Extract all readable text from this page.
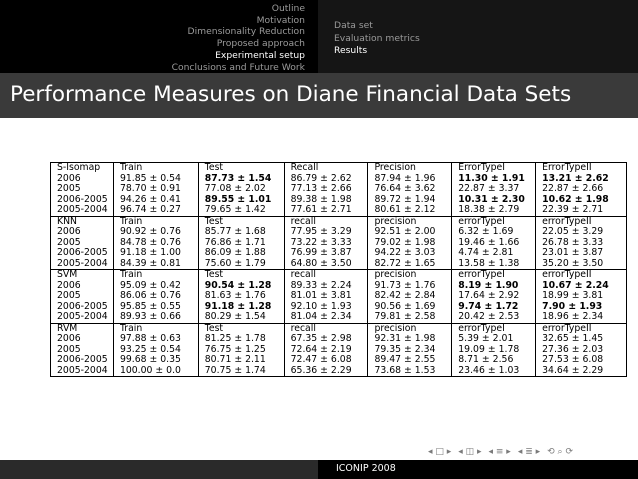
Outline
Motivation
Dimensionality Reduction
Proposed approach
Experimental setup
Conclusions and Future Work
Data set
Evaluation metrics
Results
Performance Measures on Diane Financial Data Sets
S-Isomap	Train	Test	Recall	Precision	ErrorTypeI	ErrorTypeII
2006	91.85 ± 0.54	87.73 ± 1.54	86.79 ± 2.62	87.94 ± 1.96	11.30 ± 1.91	13.21 ± 2.62
2005	78.70 ± 0.91	77.08 ± 2.02	77.13 ± 2.66	76.64 ± 3.62	22.87 ± 3.37	22.87 ± 2.66
2006-2005	94.26 ± 0.41	89.55 ± 1.01	89.38 ± 1.98	89.72 ± 1.94	10.31 ± 2.30	10.62 ± 1.98
2005-2004	96.74 ± 0.27	79.65 ± 1.42	77.61 ± 2.71	80.61 ± 2.12	18.38 ± 2.79	22.39 ± 2.71
KNN	Train	Test	recall	precision	errorTypeI	errorTypeII
2006	90.92 ± 0.76	85.77 ± 1.68	77.95 ± 3.29	92.51 ± 2.00	6.32 ± 1.69	22.05 ± 3.29
2005	84.78 ± 0.76	76.86 ± 1.71	73.22 ± 3.33	79.02 ± 1.98	19.46 ± 1.66	26.78 ± 3.33
2006-2005	91.18 ± 1.00	86.09 ± 1.88	76.99 ± 3.87	94.22 ± 3.03	4.74 ± 2.81	23.01 ± 3.87
2005-2004	84.39 ± 0.81	75.60 ± 1.79	64.80 ± 3.50	82.72 ± 1.65	13.58 ± 1.38	35.20 ± 3.50
SVM	Train	Test	recall	precision	errorTypeI	errorTypeII
2006	95.09 ± 0.42	90.54 ± 1.28	89.33 ± 2.24	91.73 ± 1.76	8.19 ± 1.90	10.67 ± 2.24
2005	86.06 ± 0.76	81.63 ± 1.76	81.01 ± 3.81	82.42 ± 2.84	17.64 ± 2.92	18.99 ± 3.81
2006-2005	95.85 ± 0.55	91.18 ± 1.28	92.10 ± 1.93	90.56 ± 1.69	9.74 ± 1.72	7.90 ± 1.93
2005-2004	89.93 ± 0.66	80.29 ± 1.54	81.04 ± 2.34	79.81 ± 2.58	20.42 ± 2.53	18.96 ± 2.34
RVM	Train	Test	recall	precision	errorTypeI	errorTypeII
2006	97.88 ± 0.63	81.25 ± 1.78	67.35 ± 2.98	92.31 ± 1.98	5.39 ± 2.01	32.65 ± 1.45
2005	93.25 ± 0.54	76.75 ± 1.25	72.64 ± 2.19	79.35 ± 2.34	19.09 ± 1.78	27.36 ± 2.03
2006-2005	99.68 ± 0.35	80.71 ± 2.11	72.47 ± 6.08	89.47 ± 2.55	8.71 ± 2.56	27.53 ± 6.08
2005-2004	100.00 ± 0.0	70.75 ± 1.74	65.36 ± 2.29	73.68 ± 1.53	23.46 ± 1.03	34.64 ± 2.29
◂ □ ▸ ◂ ◫ ▸ ◂ ≡ ▸ ◂ ≣ ▸ ⟲ ⌕ ⟳
ICONIP 2008
